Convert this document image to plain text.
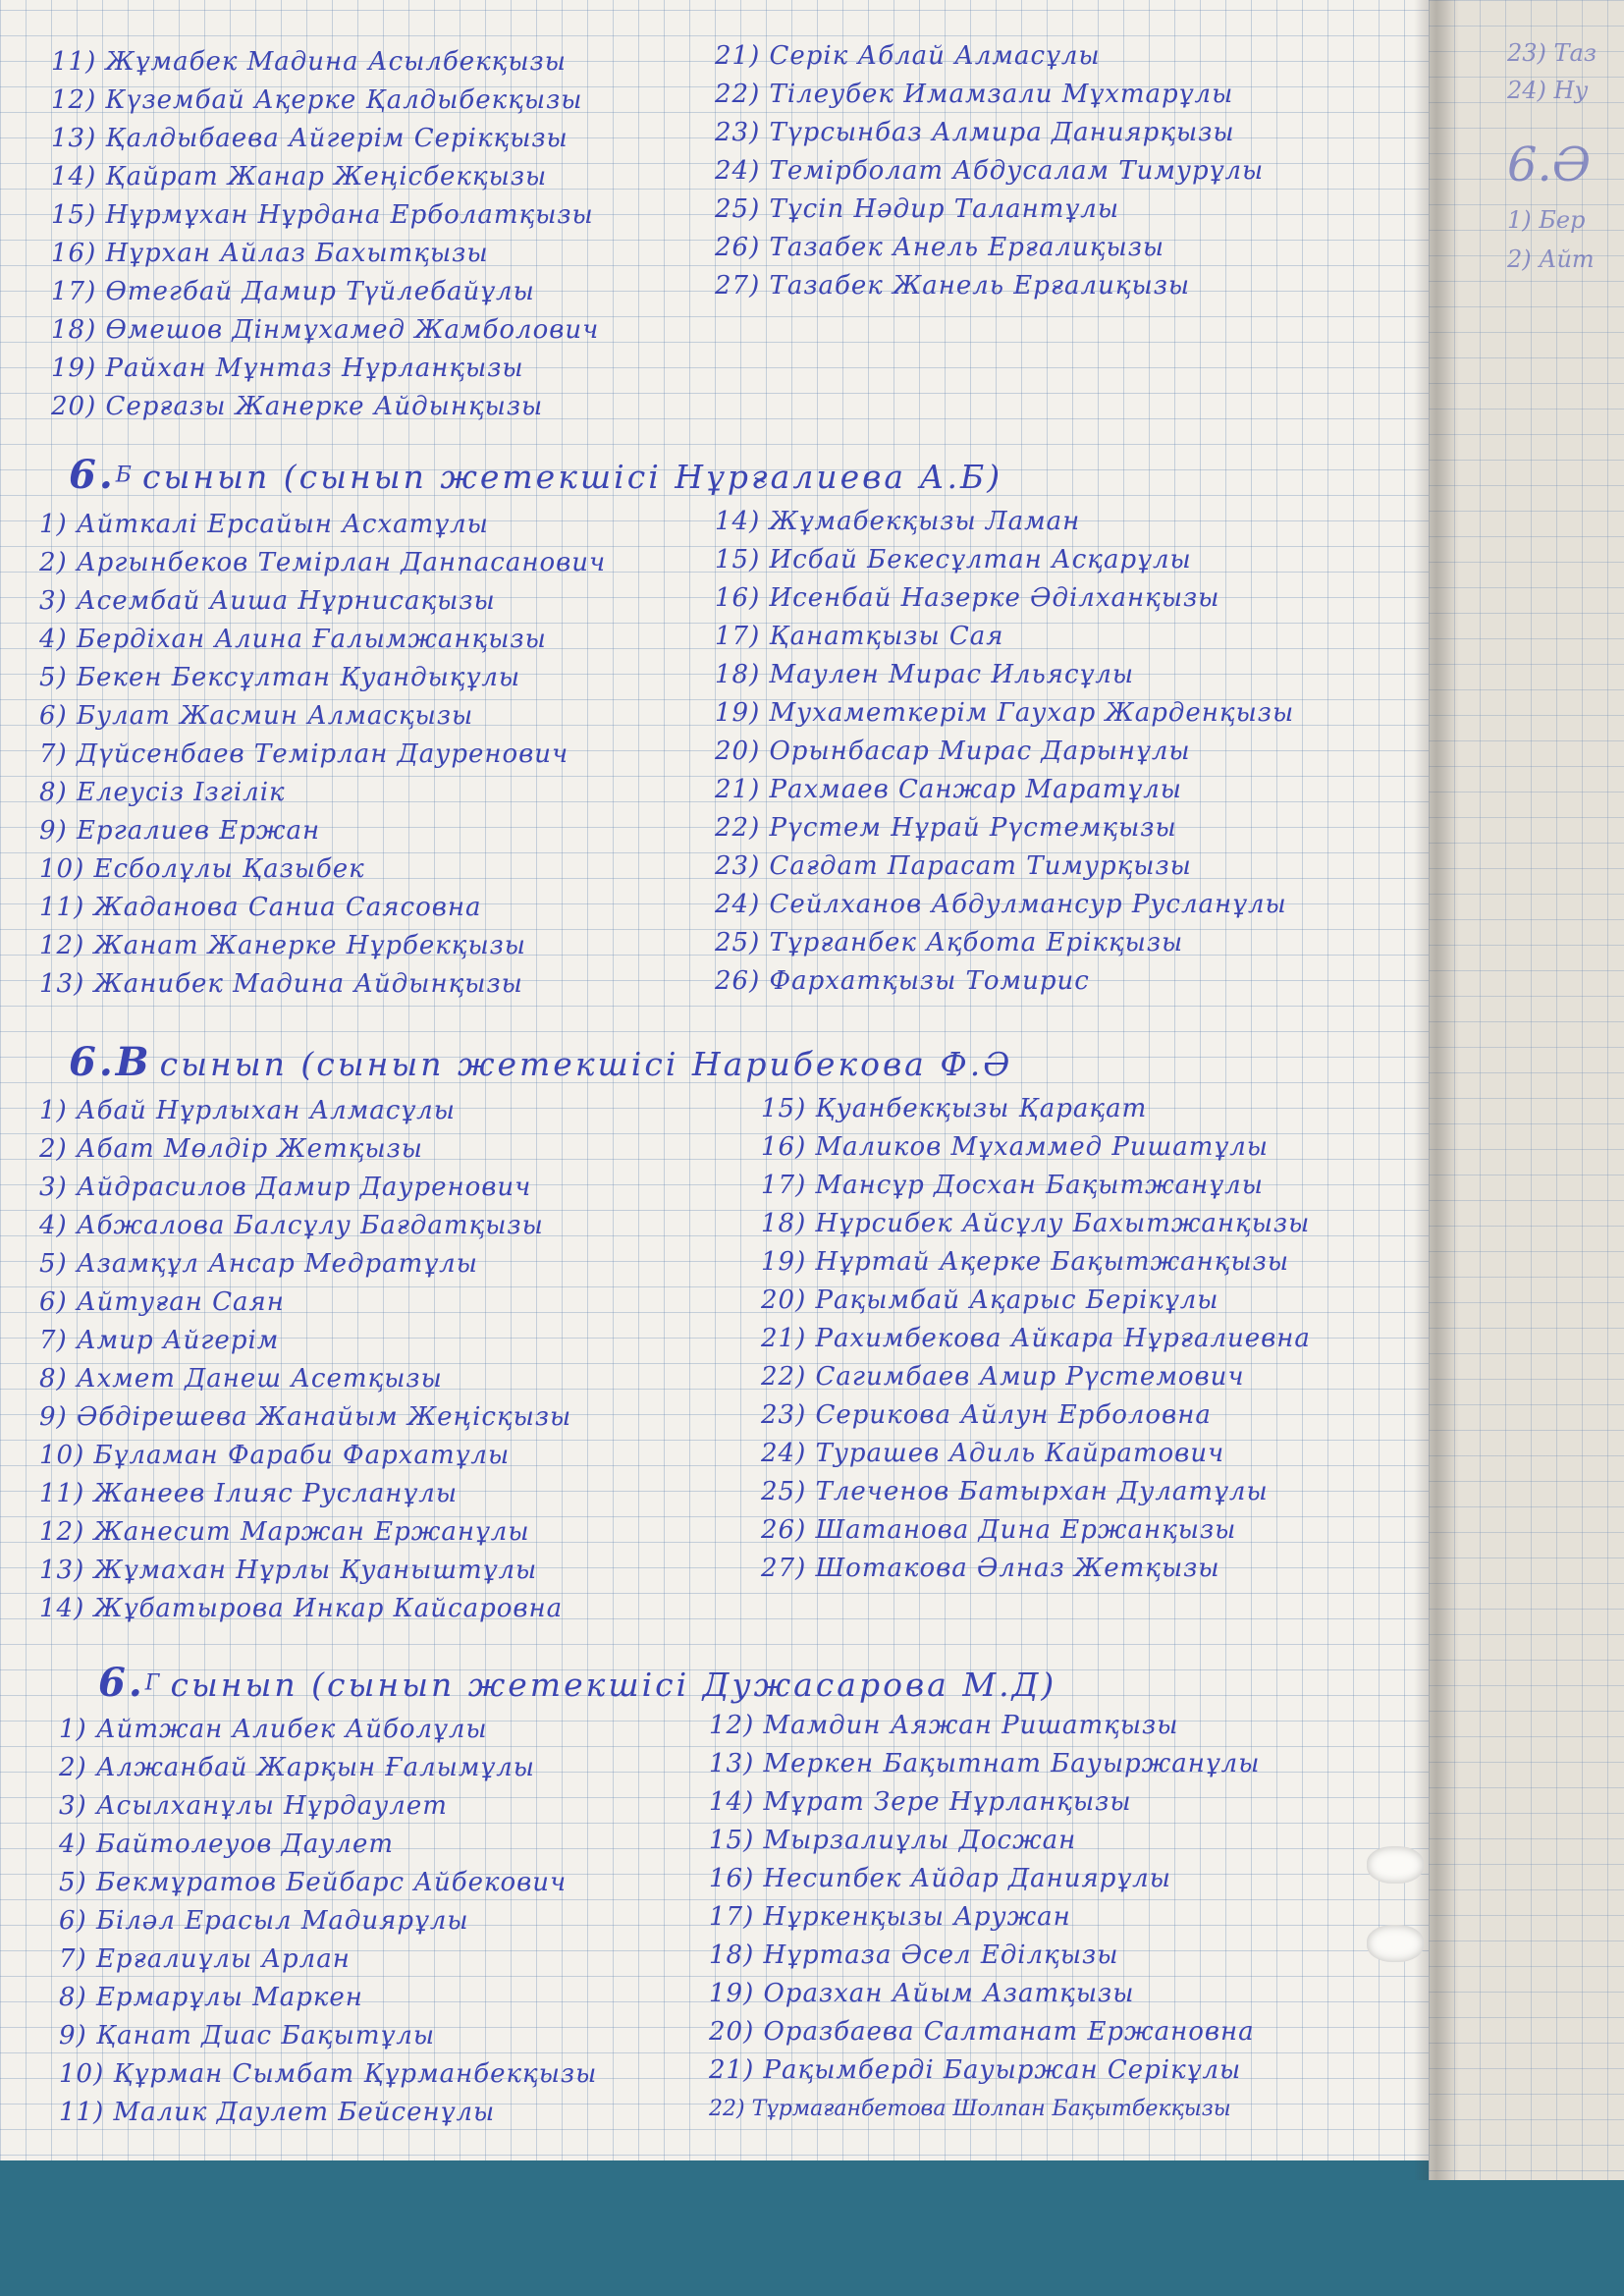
23) Таз
24) Ну
6.Ә
1) Бер
2) Айт
11) Жұмабек Мадина Асылбекқызы
12) Күзембай Ақерке Қалдыбекқызы
13) Қалдыбаева Айгерім Серікқызы
14) Қайрат Жанар Жеңісбекқызы
15) Нұрмұхан Нұрдана Ерболатқызы
16) Нұрхан Айлаз Бахытқызы
17) Өтегбай Дамир Түйлебайұлы
18) Өмешов Дінмұхамед Жамболович
19) Райхан Мұнтаз Нұрланқызы
20) Серғазы Жанерке Айдынқызы
21) Серік Аблай Алмасұлы
22) Тілеубек Имамзали Мұхтарұлы
23) Түрсынбаз Алмира Даниярқызы
24) Темірболат Абдусалам Тимурұлы
25) Тұсіп Нәдир Талантұлы
26) Тазабек Анель Ерғалиқызы
27) Тазабек Жанель Ерғалиқызы
6.$^Б$ сынып (сынып жетекшісі Нұрғалиева А.Б)
1) Айткалі Ерсайын Асхатұлы
2) Аргынбеков Темірлан Данпасанович
3) Асембай Аиша Нұрнисақызы
4) Бердіхан Алина Ғалымжанқызы
5) Бекен Бексұлтан Қуандықұлы
6) Булат Жасмин Алмасқызы
7) Дүйсенбаев Темірлан Дауренович
8) Елеусіз Ізгілік
9) Ергалиев Ержан
10) Есболұлы Қазыбек
11) Жаданова Саниа Саясовна
12) Жанат Жанерке Нұрбекқызы
13) Жанибек Мадина Айдынқызы
14) Жұмабекқызы Ламан
15) Исбай Бекесұлтан Асқарұлы
16) Исенбай Назерке Әділханқызы
17) Қанатқызы Сая
18) Маулен Мирас Ильясұлы
19) Мухаметкерім Гаухар Жарденқызы
20) Орынбасар Мирас Дарынұлы
21) Рахмаев Санжар Маратұлы
22) Рүстем Нұрай Рүстемқызы
23) Сағдат Парасат Тимурқызы
24) Сейлханов Абдулмансур Русланұлы
25) Тұрғанбек Ақбота Ерікқызы
26) Фархатқызы Томирис
6.В сынып (сынып жетекшісі Нарибекова Ф.Ә
1) Абай Нұрлыхан Алмасұлы
2) Абат Мөлдір Жетқызы
3) Айдрасилов Дамир Дауренович
4) Абжалова Балсұлу Бағдатқызы
5) Азамқұл Ансар Медратұлы
6) Айтуған Саян
7) Амир Айгерім
8) Ахмет Данеш Асетқызы
9) Әбдірешева Жанайым Жеңісқызы
10) Бұламан Фараби Фархатұлы
11) Жанеев Ілияс Русланұлы
12) Жанесит Маржан Ержанұлы
13) Жұмахан Нұрлы Қуаныштұлы
14) Жұбатырова Инкар Кайсаровна
15) Қуанбекқызы Қарақат
16) Маликов Мұхаммед Ришатұлы
17) Мансұр Досхан Бақытжанұлы
18) Нұрсибек Айсұлу Бахытжанқызы
19) Нұртай Ақерке Бақытжанқызы
20) Рақымбай Ақарыс Берікұлы
21) Рахимбекова Айкара Нұрғалиевна
22) Сагимбаев Амир Рүстемович
23) Серикова Айлун Ерболовна
24) Турашев Адиль Кайратович
25) Тлеченов Батырхан Дулатұлы
26) Шатанова Дина Ержанқызы
27) Шотакова Әлназ Жетқызы
6.$^Г$ сынып (сынып жетекшісі Дужасарова М.Д)
1) Айтжан Алибек Айболұлы
2) Алжанбай Жарқын Ғалымұлы
3) Асылханұлы Нұрдаулет
4) Байтолеуов Даулет
5) Бекмұратов Бейбарс Айбекович
6) Біләл Ерасыл Мадиярұлы
7) Ерғалиұлы Арлан
8) Ермарұлы Маркен
9) Қанат Диас Бақытұлы
10) Құрман Сымбат Құрманбекқызы
11) Малик Даулет Бейсенұлы
12) Мамдин Аяжан Ришатқызы
13) Меркен Бақытнат Бауыржанұлы
14) Мұрат Зере Нұрланқызы
15) Мырзалиұлы Досжан
16) Несипбек Айдар Даниярұлы
17) Нұркенқызы Аружан
18) Нұртаза Әсел Еділқызы
19) Оразхан Айым Азатқызы
20) Оразбаева Салтанат Ержановна
21) Рақымберді Бауыржан Серікұлы
22) Тұрмағанбетова Шолпан Бақытбекқызы
